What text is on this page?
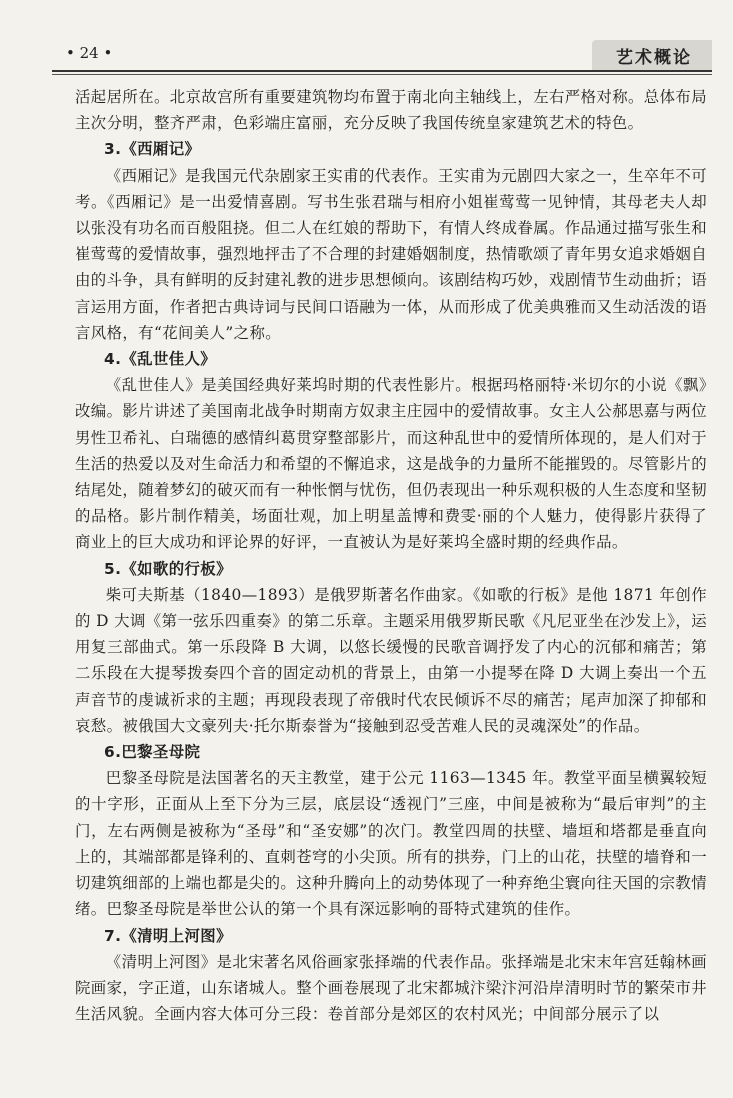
• 24 •	艺术概论

活起居所在。北京故宫所有重要建筑物均布置于南北向主轴线上，左右严格对称。总体布局主次分明，整齐严肃，色彩端庄富丽，充分反映了我国传统皇家建筑艺术的特色。

3.《西厢记》

《西厢记》是我国元代杂剧家王实甫的代表作。王实甫为元剧四大家之一，生卒年不可考。《西厢记》是一出爱情喜剧。写书生张君瑞与相府小姐崔莺莺一见钟情，其母老夫人却以张没有功名而百般阻挠。但二人在红娘的帮助下，有情人终成眷属。作品通过描写张生和崔莺莺的爱情故事，强烈地抨击了不合理的封建婚姻制度，热情歌颂了青年男女追求婚姻自由的斗争，具有鲜明的反封建礼教的进步思想倾向。该剧结构巧妙，戏剧情节生动曲折；语言运用方面，作者把古典诗词与民间口语融为一体，从而形成了优美典雅而又生动活泼的语言风格，有“花间美人”之称。

4.《乱世佳人》

《乱世佳人》是美国经典好莱坞时期的代表性影片。根据玛格丽特·米切尔的小说《飘》改编。影片讲述了美国南北战争时期南方奴隶主庄园中的爱情故事。女主人公郝思嘉与两位男性卫希礼、白瑞德的感情纠葛贯穿整部影片，而这种乱世中的爱情所体现的，是人们对于生活的热爱以及对生命活力和希望的不懈追求，这是战争的力量所不能摧毁的。尽管影片的结尾处，随着梦幻的破灭而有一种怅惘与忧伤，但仍表现出一种乐观积极的人生态度和坚韧的品格。影片制作精美，场面壮观，加上明星盖博和费雯·丽的个人魅力，使得影片获得了商业上的巨大成功和评论界的好评，一直被认为是好莱坞全盛时期的经典作品。

5.《如歌的行板》

柴可夫斯基（1840—1893）是俄罗斯著名作曲家。《如歌的行板》是他 1871 年创作的 D 大调《第一弦乐四重奏》的第二乐章。主题采用俄罗斯民歌《凡尼亚坐在沙发上》，运用复三部曲式。第一乐段降 B 大调，以悠长缓慢的民歌音调抒发了内心的沉郁和痛苦；第二乐段在大提琴拨奏四个音的固定动机的背景上，由第一小提琴在降 D 大调上奏出一个五声音节的虔诚祈求的主题；再现段表现了帝俄时代农民倾诉不尽的痛苦；尾声加深了抑郁和哀愁。被俄国大文豪列夫·托尔斯泰誉为“接触到忍受苦难人民的灵魂深处”的作品。

6.巴黎圣母院

巴黎圣母院是法国著名的天主教堂，建于公元 1163—1345 年。教堂平面呈横翼较短的十字形，正面从上至下分为三层，底层设“透视门”三座，中间是被称为“最后审判”的主门，左右两侧是被称为“圣母”和“圣安娜”的次门。教堂四周的扶壁、墙垣和塔都是垂直向上的，其端部都是锋利的、直刺苍穹的小尖顶。所有的拱券，门上的山花，扶壁的墙脊和一切建筑细部的上端也都是尖的。这种升腾向上的动势体现了一种弃绝尘寰向往天国的宗教情绪。巴黎圣母院是举世公认的第一个具有深远影响的哥特式建筑的佳作。

7.《清明上河图》

《清明上河图》是北宋著名风俗画家张择端的代表作品。张择端是北宋末年宫廷翰林画院画家，字正道，山东诸城人。整个画卷展现了北宋都城汴梁汴河沿岸清明时节的繁荣市井生活风貌。全画内容大体可分三段：卷首部分是郊区的农村风光；中间部分展示了以
